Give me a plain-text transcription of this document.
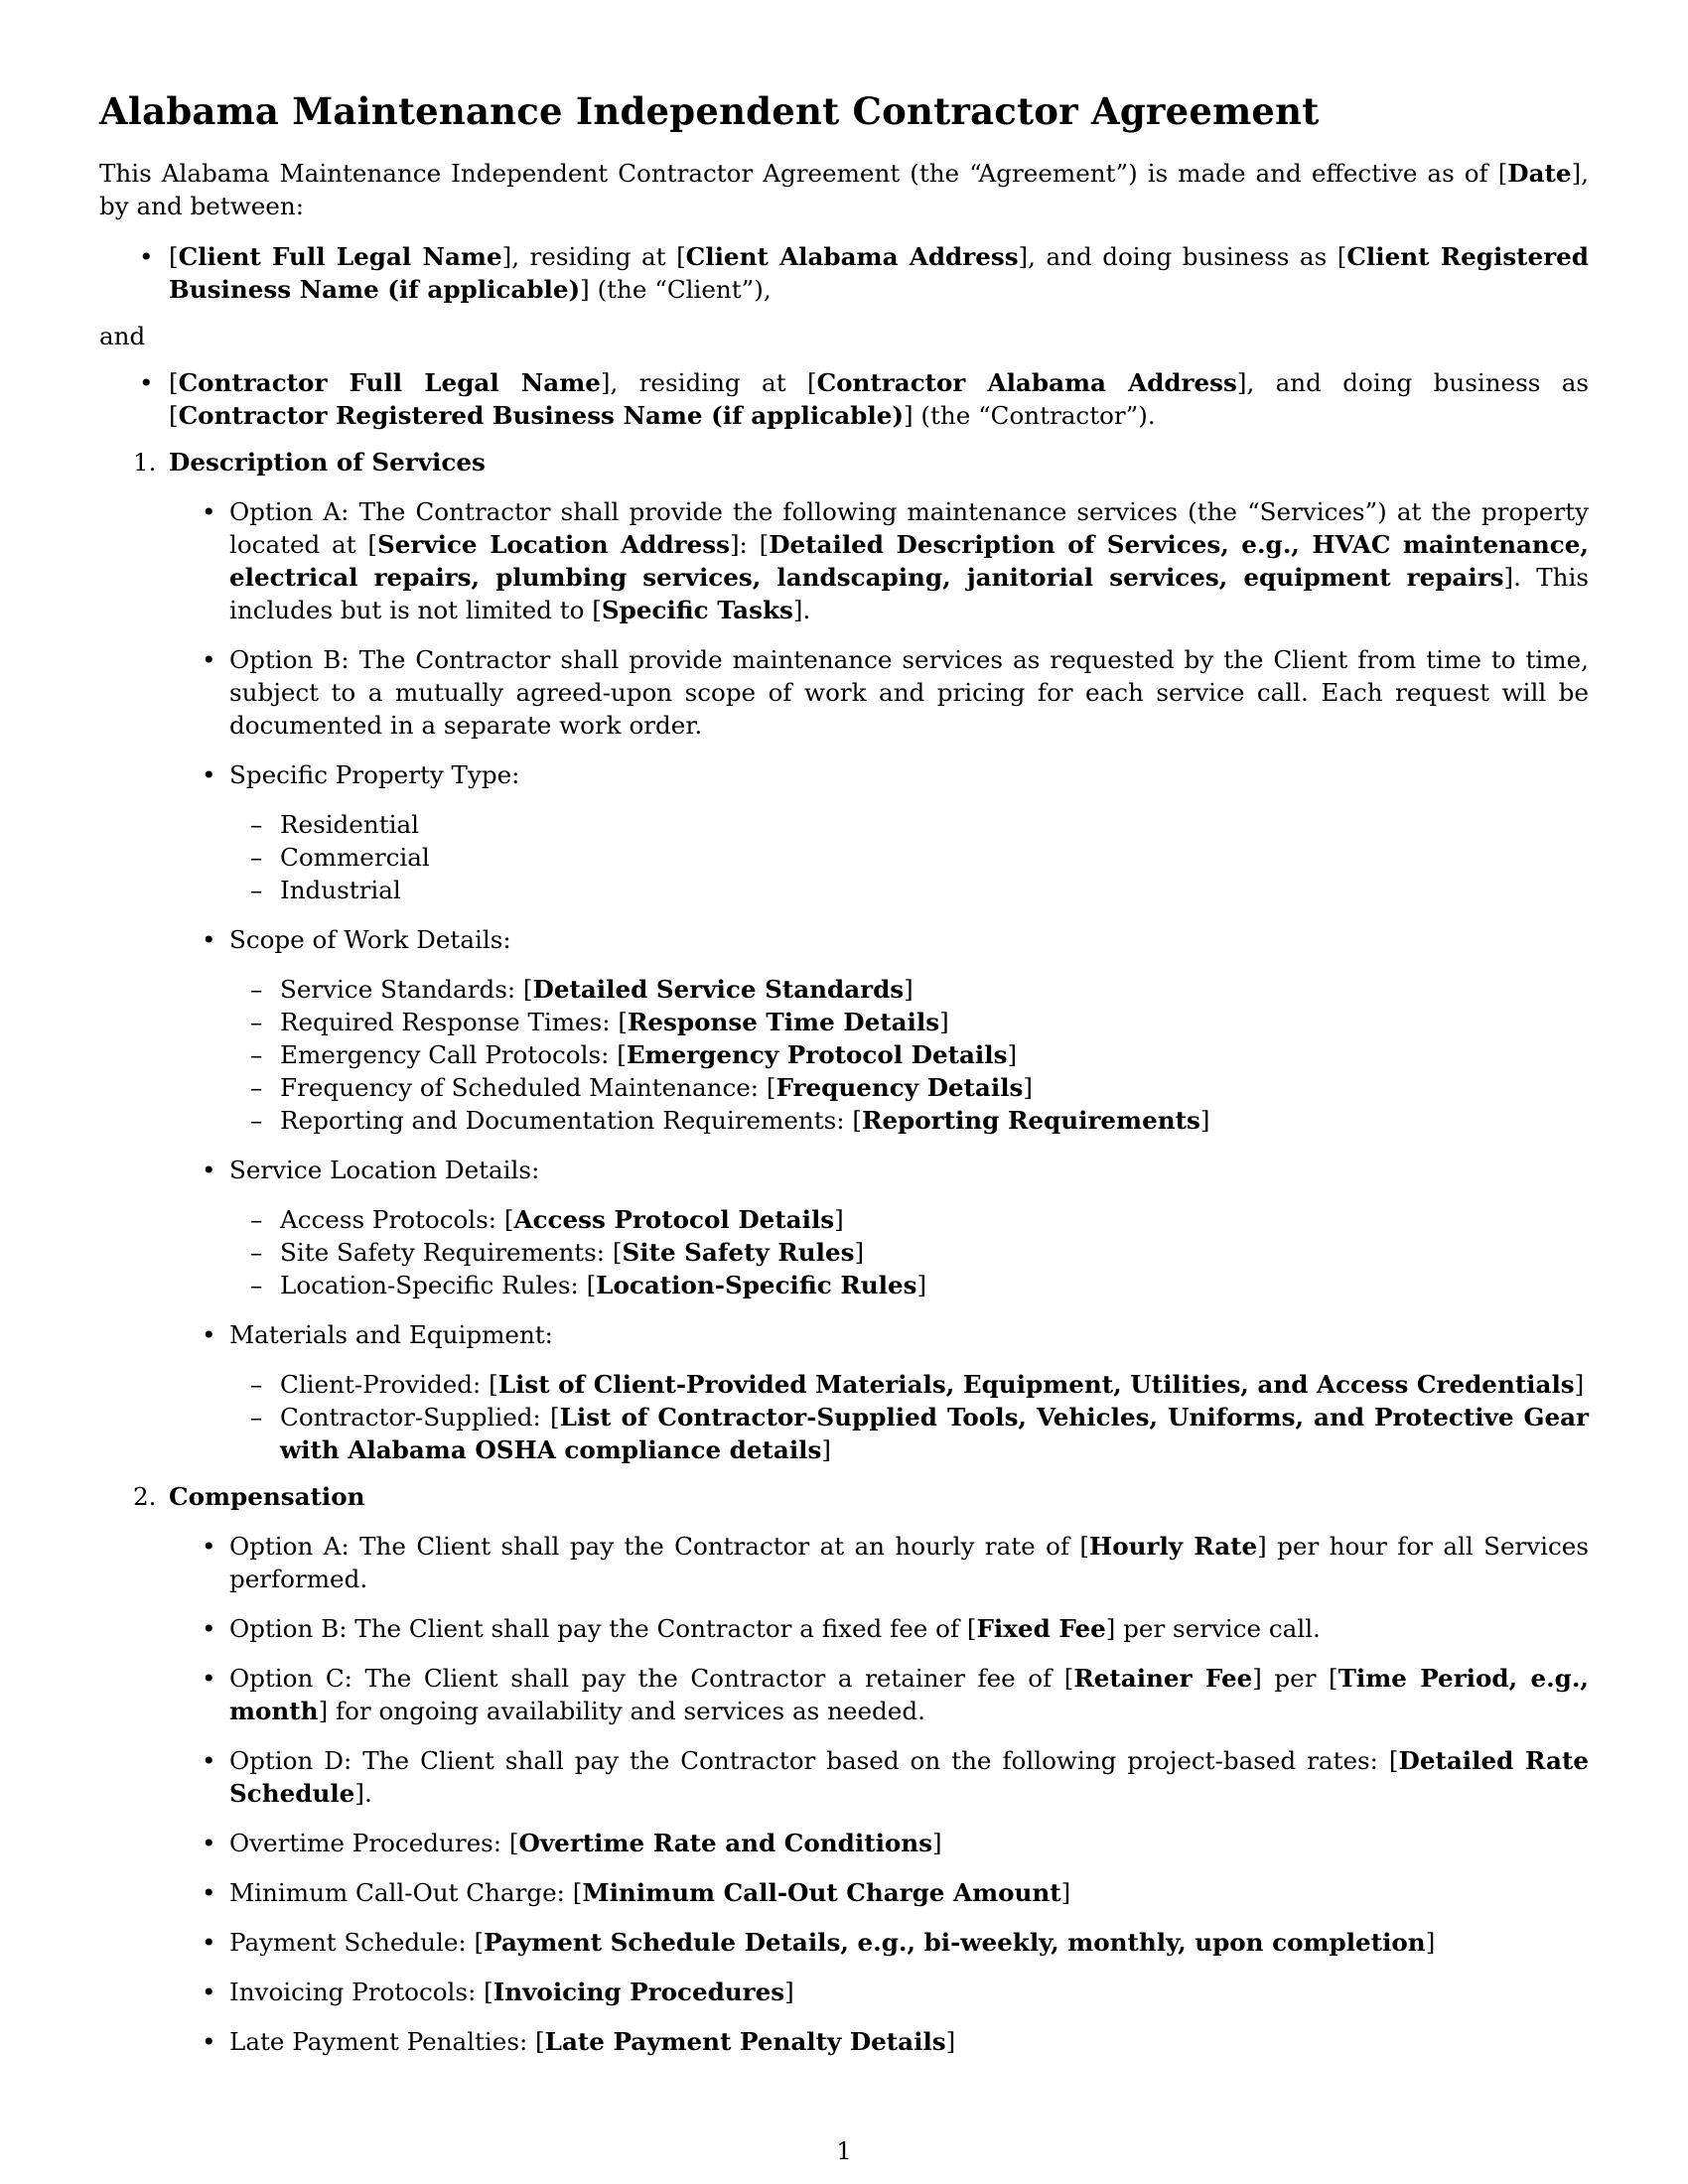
Alabama Maintenance Independent Contractor Agreement

This Alabama Maintenance Independent Contractor Agreement (the “Agreement”) is made and effective as of [Date], by and between:

• [Client Full Legal Name], residing at [Client Alabama Address], and doing business as [Client Registered Business Name (if applicable)] (the “Client”),

and

• [Contractor Full Legal Name], residing at [Contractor Alabama Address], and doing business as [Contractor Registered Business Name (if applicable)] (the “Contractor”).
1. Description of Services
• Option A: The Contractor shall provide the following maintenance services (the “Services”) at the property located at [Service Location Address]: [Detailed Description of Services, e.g., HVAC maintenance, electrical repairs, plumbing services, landscaping, janitorial services, equipment repairs]. This includes but is not limited to [Specific Tasks].
• Option B: The Contractor shall provide maintenance services as requested by the Client from time to time, subject to a mutually agreed-upon scope of work and pricing for each service call. Each request will be documented in a separate work order.
• Specific Property Type:
– Residential
– Commercial
– Industrial
• Scope of Work Details:
– Service Standards: [Detailed Service Standards]
– Required Response Times: [Response Time Details]
– Emergency Call Protocols: [Emergency Protocol Details]
– Frequency of Scheduled Maintenance: [Frequency Details]
– Reporting and Documentation Requirements: [Reporting Requirements]
• Service Location Details:
– Access Protocols: [Access Protocol Details]
– Site Safety Requirements: [Site Safety Rules]
– Location-Specific Rules: [Location-Specific Rules]
• Materials and Equipment:
– Client-Provided: [List of Client-Provided Materials, Equipment, Utilities, and Access Credentials]
– Contractor-Supplied: [List of Contractor-Supplied Tools, Vehicles, Uniforms, and Protective Gear with Alabama OSHA compliance details]
2. Compensation
• Option A: The Client shall pay the Contractor at an hourly rate of [Hourly Rate] per hour for all Services performed.
• Option B: The Client shall pay the Contractor a fixed fee of [Fixed Fee] per service call.
• Option C: The Client shall pay the Contractor a retainer fee of [Retainer Fee] per [Time Period, e.g., month] for ongoing availability and services as needed.
• Option D: The Client shall pay the Contractor based on the following project-based rates: [Detailed Rate Schedule].
• Overtime Procedures: [Overtime Rate and Conditions]
• Minimum Call-Out Charge: [Minimum Call-Out Charge Amount]
• Payment Schedule: [Payment Schedule Details, e.g., bi-weekly, monthly, upon completion]
• Invoicing Protocols: [Invoicing Procedures]
• Late Payment Penalties: [Late Payment Penalty Details]
1
